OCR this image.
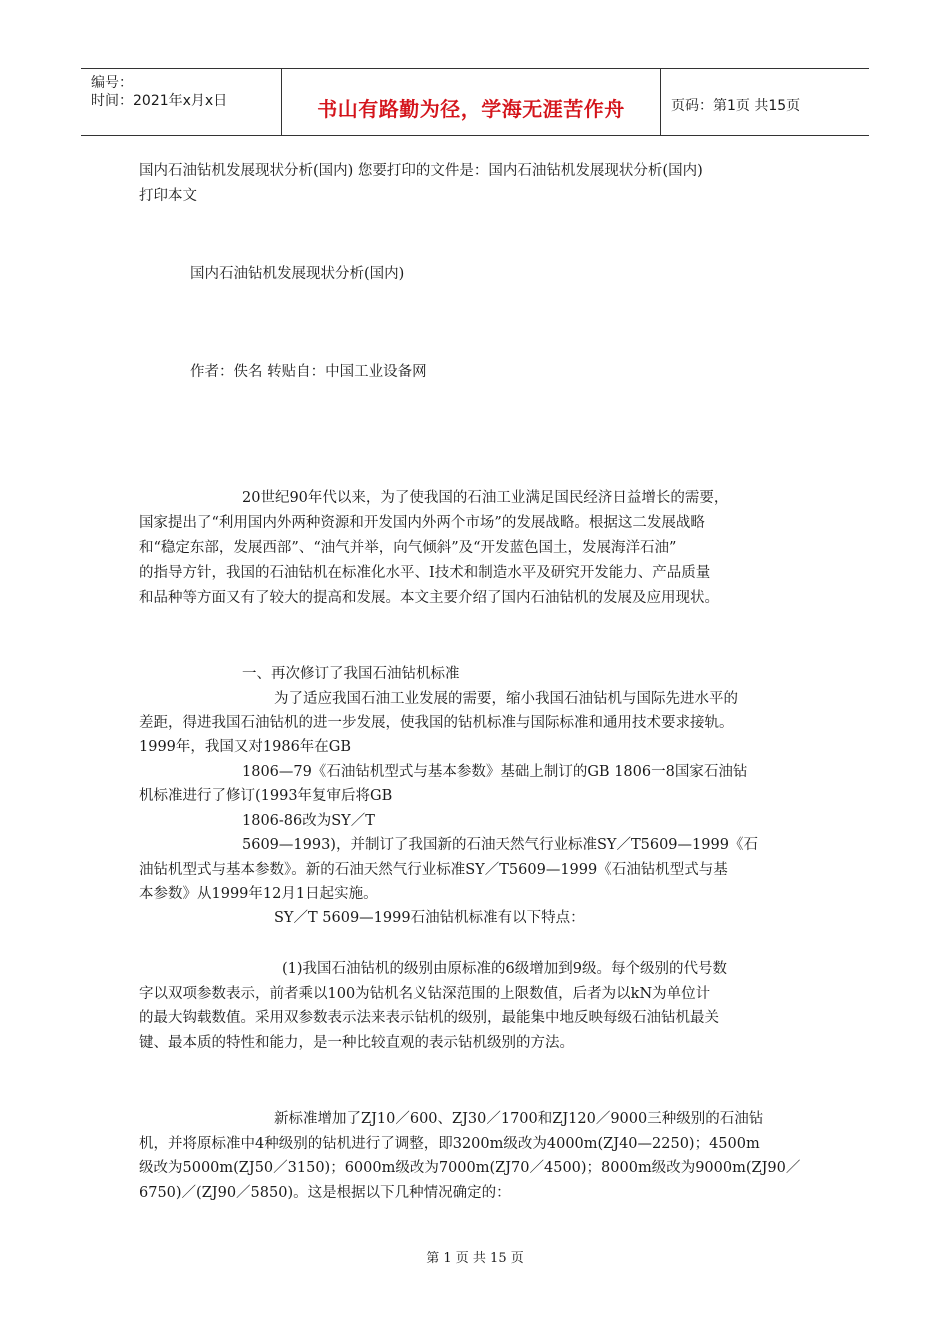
编号：
时间：2021年x月x日	书山有路勤为径，学海无涯苦作舟	页码：第1页 共15页
国内石油钻机发展现状分析(国内) 您要打印的文件是：国内石油钻机发展现状分析(国内)
打印本文
国内石油钻机发展现状分析(国内)
作者：佚名 转贴自：中国工业设备网
20世纪90年代以来，为了使我国的石油工业满足国民经济日益增长的需要，
国家提出了“利用国内外两种资源和开发国内外两个市场”的发展战略。根据这二发展战略
和“稳定东部，发展西部”、“油气并举，向气倾斜”及“开发蓝色国土，发展海洋石油”
的指导方针，我国的石油钻机在标准化水平、I技术和制造水平及研究开发能力、产品质量
和品种等方面又有了较大的提高和发展。本文主要介绍了国内石油钻机的发展及应用现状。
一、再次修订了我国石油钻机标准
为了适应我国石油工业发展的需要，缩小我国石油钻机与国际先进水平的
差距，得进我国石油钻机的进一步发展，使我国的钻机标准与国际标准和通用技术要求接轨。
1999年，我国又对1986年在GB
1806—79《石油钻机型式与基本参数》基础上制订的GB 1806一8国家石油钻
机标准进行了修订(1993年复审后将GB
1806-86改为SY／T
5609—1993)，并制订了我国新的石油天然气行业标准SY／T5609—1999《石
油钻机型式与基本参数》。新的石油天然气行业标准SY／T5609—1999《石油钻机型式与基
本参数》从1999年12月1日起实施。
SY／T 5609—1999石油钻机标准有以下特点：
(1)我国石油钻机的级别由原标准的6级增加到9级。每个级别的代号数
字以双项参数表示，前者乘以100为钻机名义钻深范围的上限数值，后者为以kN为单位计
的最大钩载数值。采用双参数表示法来表示钻机的级别，最能集中地反映每级石油钻机最关
键、最本质的特性和能力，是一种比较直观的表示钻机级别的方法。
新标准增加了ZJ10／600、ZJ30／1700和ZJ120／9000三种级别的石油钻
机，并将原标准中4种级别的钻机进行了调整，即3200m级改为4000m(ZJ40—2250)；4500m
级改为5000m(ZJ50／3150)；6000m级改为7000m(ZJ70／4500)；8000m级改为9000m(ZJ90／
6750)／(ZJ90／5850)。这是根据以下几种情况确定的：
第 1 页 共 15 页
